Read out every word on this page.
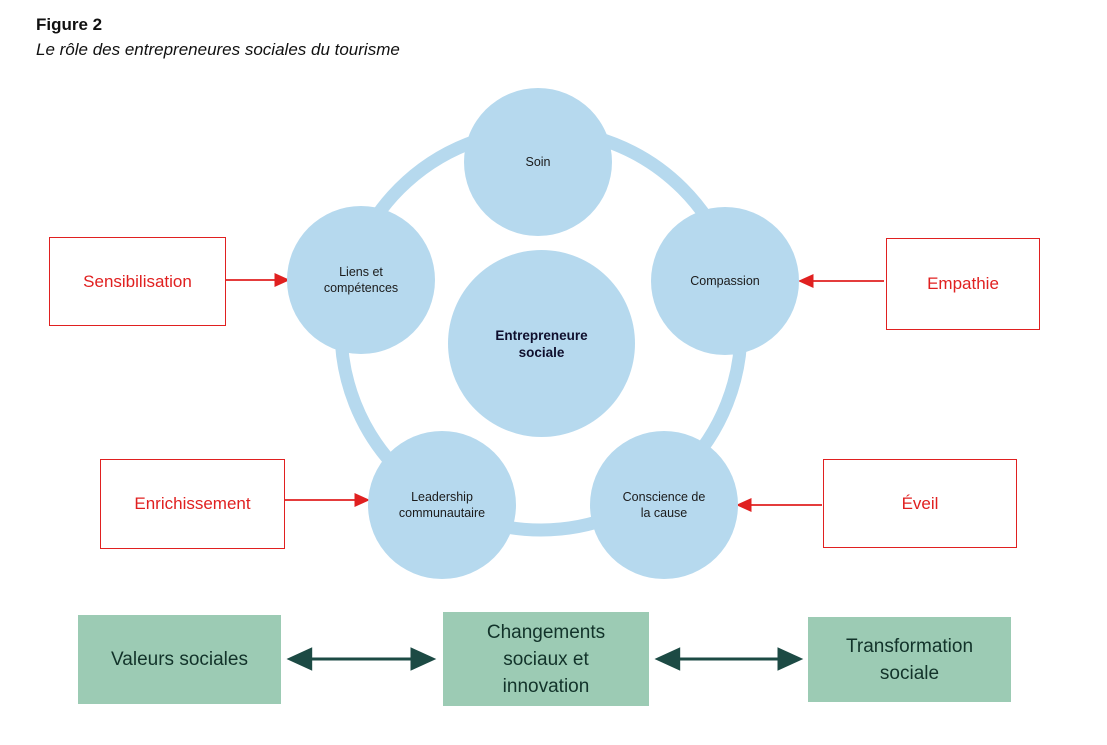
Figure 2
Le rôle des entrepreneures sociales du tourisme
Soin
Compassion
Conscience de
la cause
Leadership
communautaire
Liens et
compétences
Entrepreneure
sociale
Sensibilisation	Empathie
Enrichissement	Éveil
Valeurs sociales
Changements
sociaux et
innovation
Transformation
sociale
